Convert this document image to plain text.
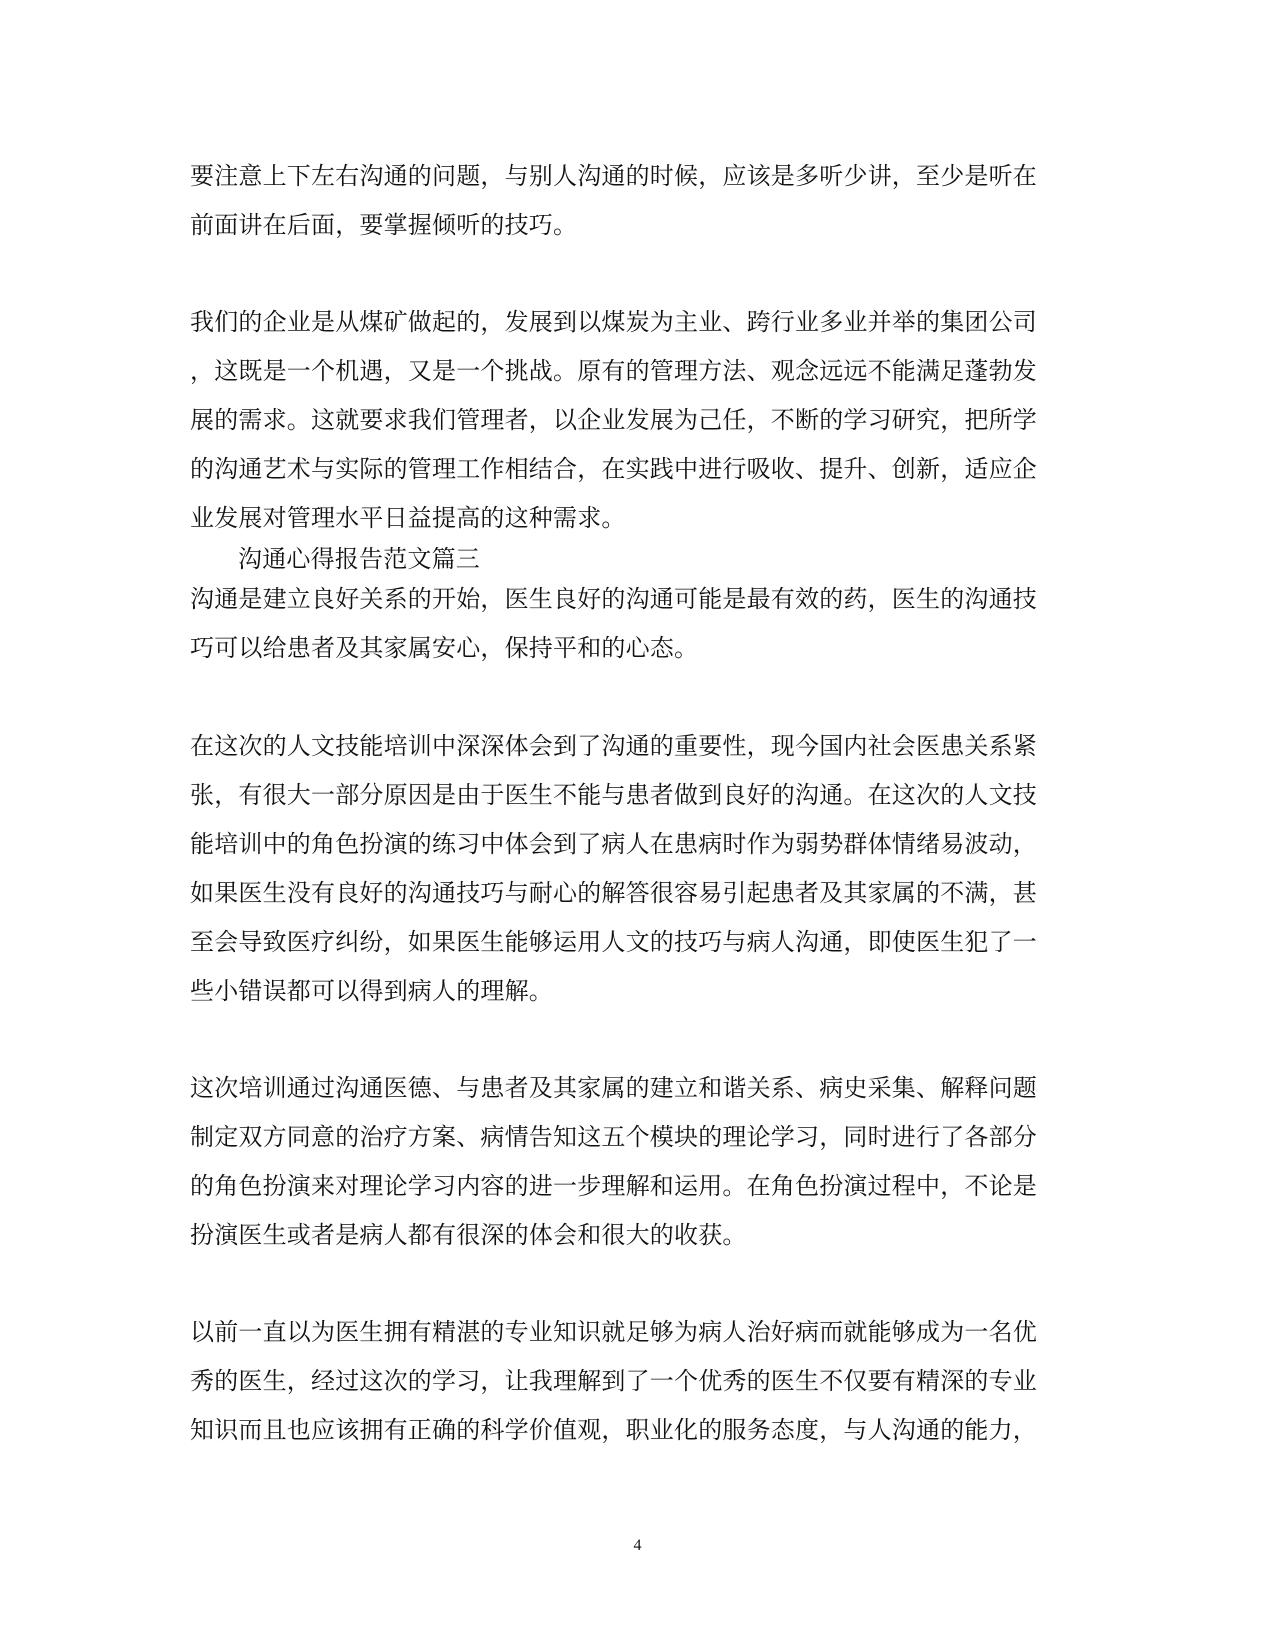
要注意上下左右沟通的问题，与别人沟通的时候，应该是多听少讲，至少是听在
前面讲在后面，要掌握倾听的技巧。
我们的企业是从煤矿做起的，发展到以煤炭为主业、跨行业多业并举的集团公司
，这既是一个机遇，又是一个挑战。原有的管理方法、观念远远不能满足蓬勃发
展的需求。这就要求我们管理者，以企业发展为己任，不断的学习研究，把所学
的沟通艺术与实际的管理工作相结合，在实践中进行吸收、提升、创新，适应企
业发展对管理水平日益提高的这种需求。
沟通心得报告范文篇三
沟通是建立良好关系的开始，医生良好的沟通可能是最有效的药，医生的沟通技
巧可以给患者及其家属安心，保持平和的心态。
在这次的人文技能培训中深深体会到了沟通的重要性，现今国内社会医患关系紧
张，有很大一部分原因是由于医生不能与患者做到良好的沟通。在这次的人文技
能培训中的角色扮演的练习中体会到了病人在患病时作为弱势群体情绪易波动，
如果医生没有良好的沟通技巧与耐心的解答很容易引起患者及其家属的不满，甚
至会导致医疗纠纷，如果医生能够运用人文的技巧与病人沟通，即使医生犯了一
些小错误都可以得到病人的理解。
这次培训通过沟通医德、与患者及其家属的建立和谐关系、病史采集、解释问题
制定双方同意的治疗方案、病情告知这五个模块的理论学习，同时进行了各部分
的角色扮演来对理论学习内容的进一步理解和运用。在角色扮演过程中，不论是
扮演医生或者是病人都有很深的体会和很大的收获。
以前一直以为医生拥有精湛的专业知识就足够为病人治好病而就能够成为一名优
秀的医生，经过这次的学习，让我理解到了一个优秀的医生不仅要有精深的专业
知识而且也应该拥有正确的科学价值观，职业化的服务态度，与人沟通的能力，
4
